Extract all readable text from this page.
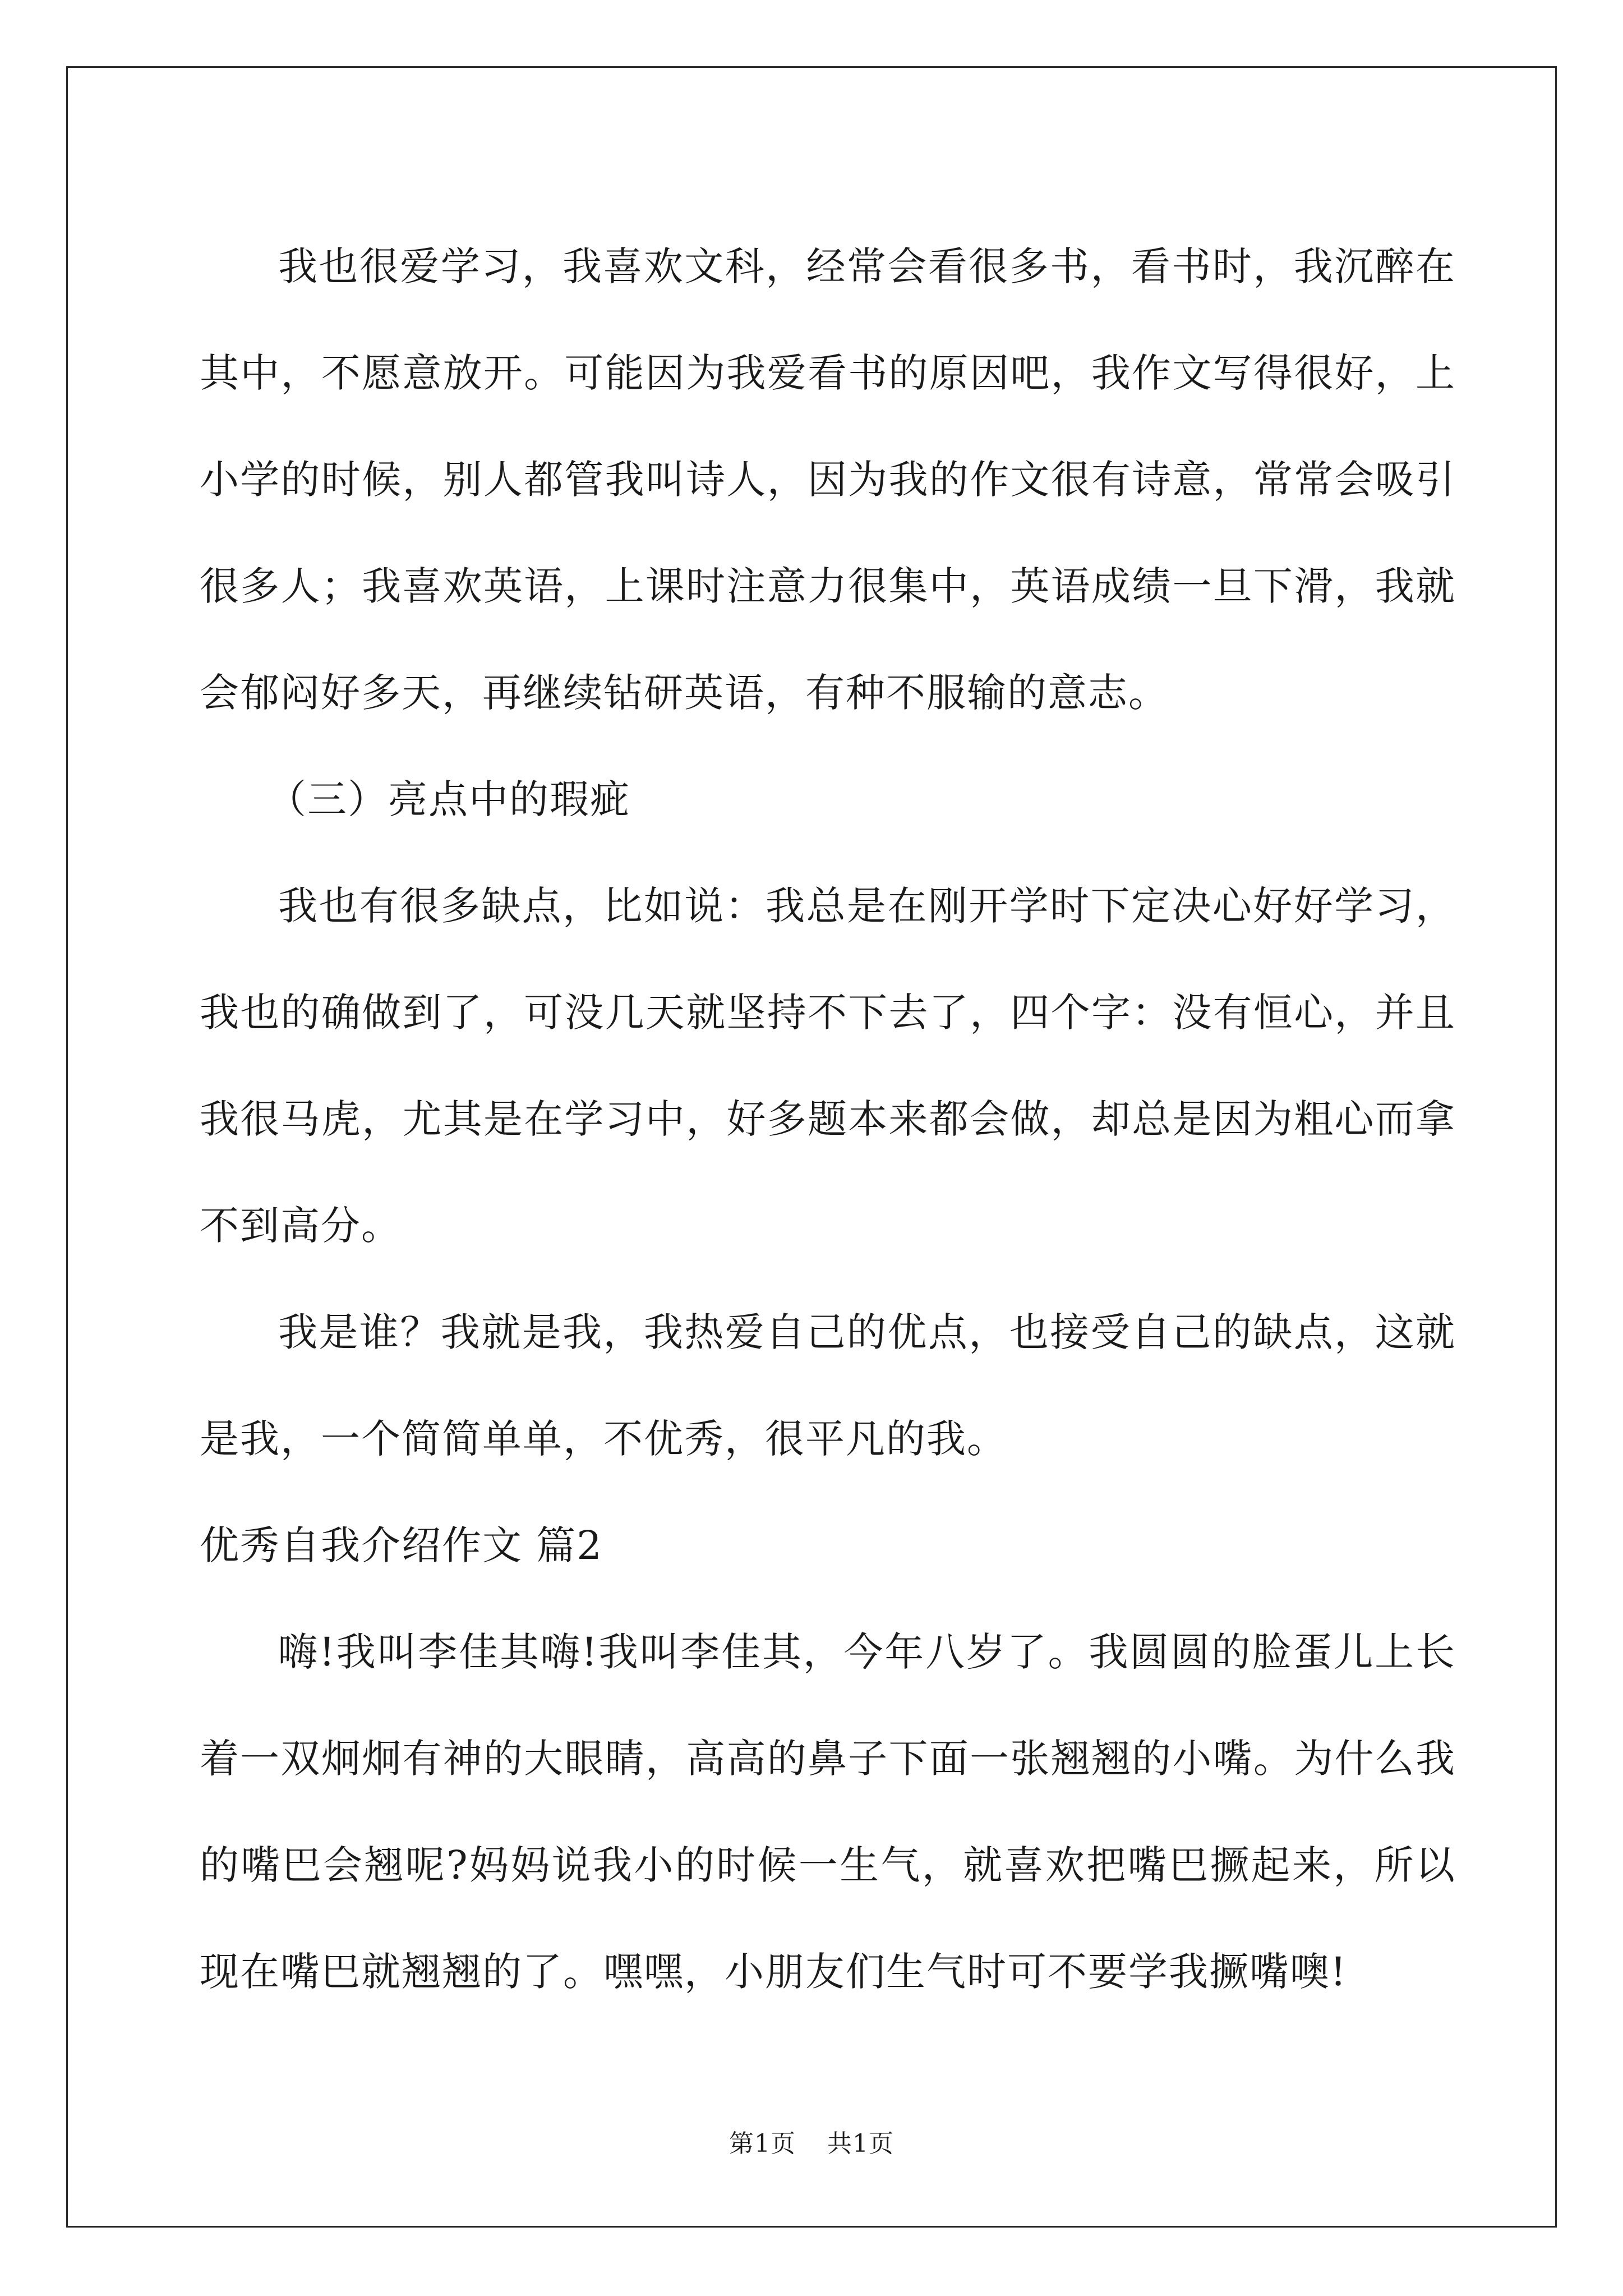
我也很爱学习，我喜欢文科，经常会看很多书，看书时，我沉醉在其中，不愿意放开。可能因为我爱看书的原因吧，我作文写得很好，上小学的时候，别人都管我叫诗人，因为我的作文很有诗意，常常会吸引很多人；我喜欢英语，上课时注意力很集中，英语成绩一旦下滑，我就会郁闷好多天，再继续钻研英语，有种不服输的意志。

（三）亮点中的瑕疵

我也有很多缺点，比如说：我总是在刚开学时下定决心好好学习，我也的确做到了，可没几天就坚持不下去了，四个字：没有恒心，并且我很马虎，尤其是在学习中，好多题本来都会做，却总是因为粗心而拿不到高分。

我是谁？我就是我，我热爱自己的优点，也接受自己的缺点，这就是我，一个简简单单，不优秀，很平凡的我。

优秀自我介绍作文 篇2

嗨!我叫李佳其嗨!我叫李佳其，今年八岁了。我圆圆的脸蛋儿上长着一双炯炯有神的大眼睛，高高的鼻子下面一张翘翘的小嘴。为什么我的嘴巴会翘呢?妈妈说我小的时候一生气，就喜欢把嘴巴撅起来，所以现在嘴巴就翘翘的了。嘿嘿，小朋友们生气时可不要学我撅嘴噢!

第1页 共1页
